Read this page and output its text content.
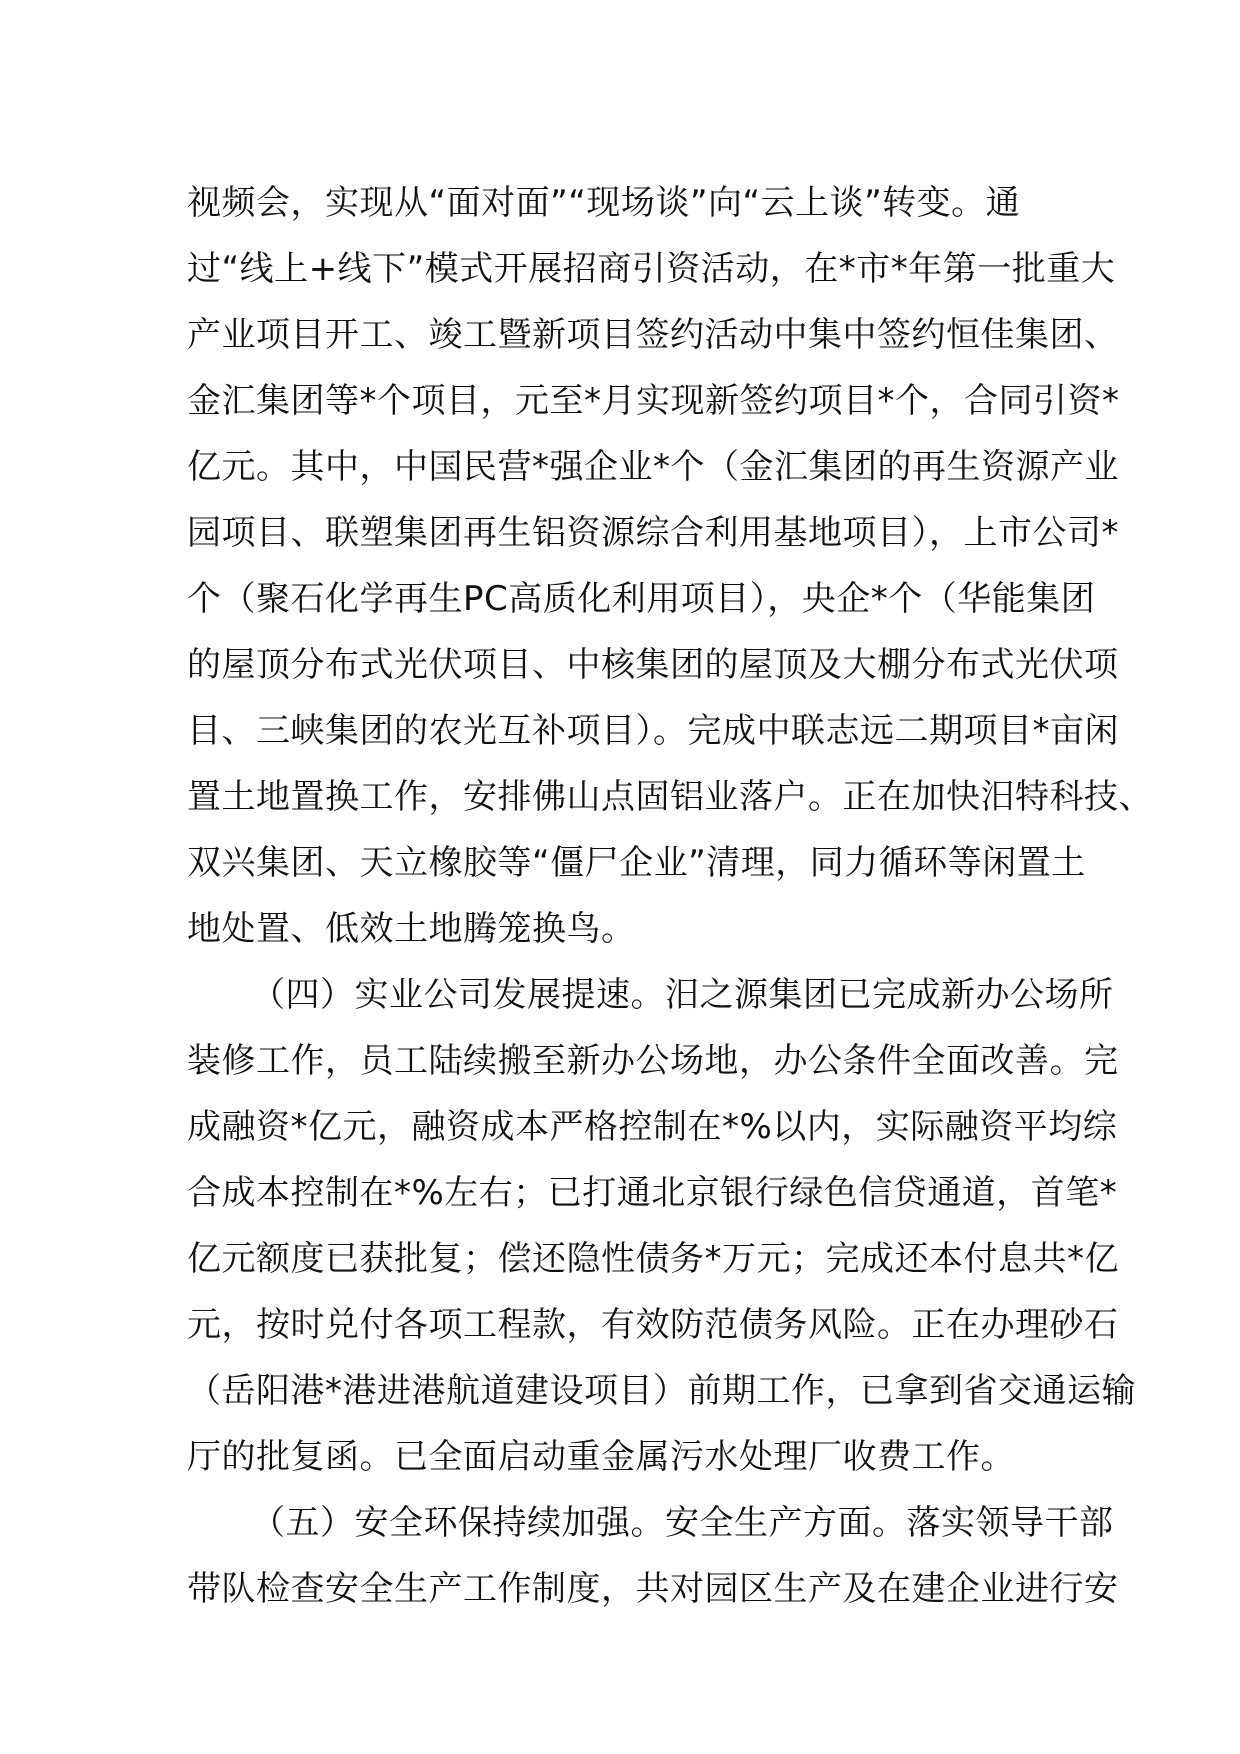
视频会，实现从“面对面”“现场谈”向“云上谈”转变。通
过“线上+线下”模式开展招商引资活动，在*市*年第一批重大
产业项目开工、竣工暨新项目签约活动中集中签约恒佳集团、
金汇集团等*个项目，元至*月实现新签约项目*个，合同引资*
亿元。其中，中国民营*强企业*个（金汇集团的再生资源产业
园项目、联塑集团再生铝资源综合利用基地项目），上市公司*
个（聚石化学再生PC高质化利用项目），央企*个（华能集团
的屋顶分布式光伏项目、中核集团的屋顶及大棚分布式光伏项
目、三峡集团的农光互补项目）。完成中联志远二期项目*亩闲
置土地置换工作，安排佛山点固铝业落户。正在加快汨特科技、
双兴集团、天立橡胶等“僵尸企业”清理，同力循环等闲置土
地处置、低效土地腾笼换鸟。
（四）实业公司发展提速。汨之源集团已完成新办公场所
装修工作，员工陆续搬至新办公场地，办公条件全面改善。完
成融资*亿元，融资成本严格控制在*%以内，实际融资平均综
合成本控制在*%左右；已打通北京银行绿色信贷通道，首笔*
亿元额度已获批复；偿还隐性债务*万元；完成还本付息共*亿
元，按时兑付各项工程款，有效防范债务风险。正在办理砂石
（岳阳港*港进港航道建设项目）前期工作，已拿到省交通运输
厅的批复函。已全面启动重金属污水处理厂收费工作。
（五）安全环保持续加强。安全生产方面。落实领导干部
带队检查安全生产工作制度，共对园区生产及在建企业进行安
